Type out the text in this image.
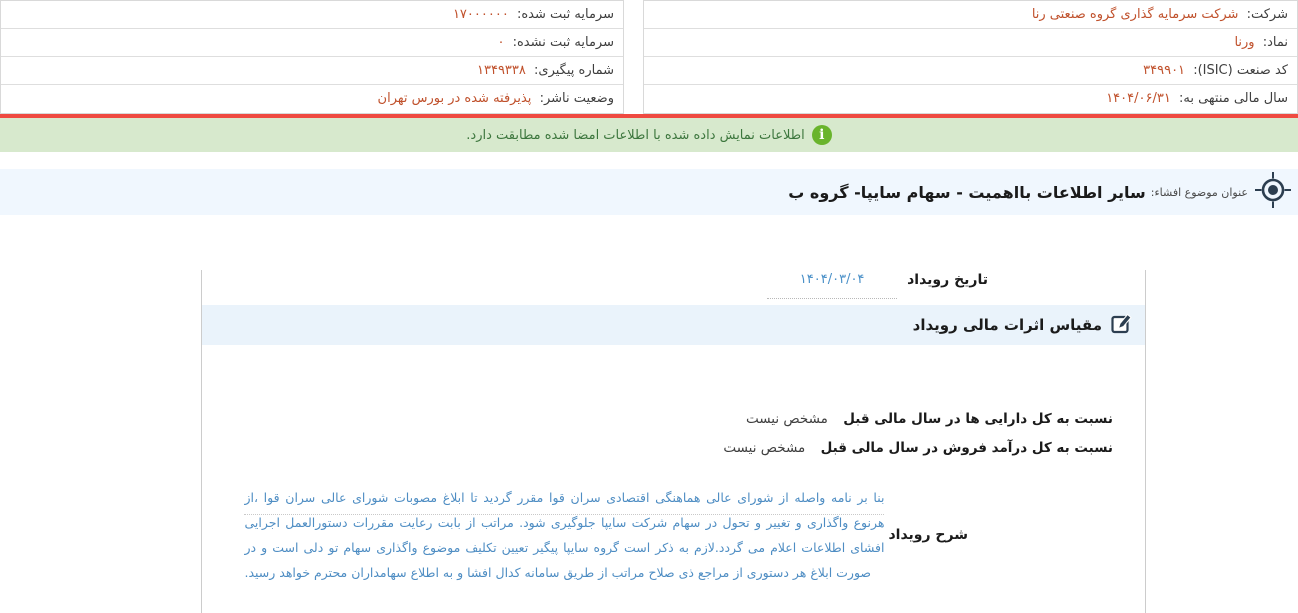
شرکت: شرکت سرمایه گذاری گروه صنعتی رنا
نماد: ورنا
کد صنعت (ISIC): ۳۴۹۹۰۱
سال مالی منتهی به: ۱۴۰۴/۰۶/۳۱
سرمایه ثبت شده: ۱۷۰۰۰۰۰۰
سرمایه ثبت نشده: ۰
شماره پیگیری: ۱۳۴۹۳۳۸
وضعیت ناشر: پذیرفته شده در بورس تهران
i
اطلاعات نمایش داده شده با اطلاعات امضا شده مطابقت دارد.
عنوان موضوع افشاء:
سایر اطلاعات بااهمیت - سهام سایپا- گروه ب
تاریخ رویداد
۱۴۰۴/۰۳/۰۴
مقیاس اثرات مالی رویداد
نسبت به کل دارایی ها در سال مالی قبل مشخص نیست
نسبت به کل درآمد فروش در سال مالی قبل مشخص نیست
شرح رویداد
بنا بر نامه واصله از شورای عالی هماهنگی اقتصادی سران قوا مقرر گردید تا ابلاغ مصوبات شورای عالی سران قوا ،از هرنوع واگذاری و تغییر و تحول در سهام شرکت سایپا جلوگیری شود. مراتب از بابت رعایت مقررات دستورالعمل اجرایی افشای اطلاعات اعلام می گردد.لازم به ذکر است گروه سایپا پیگیر تعیین تکلیف موضوع واگذاری سهام تو دلی است و در صورت ابلاغ هر دستوری از مراجع ذی صلاح مراتب از طریق سامانه کدال افشا و به اطلاع سهامداران محترم خواهد رسید.
